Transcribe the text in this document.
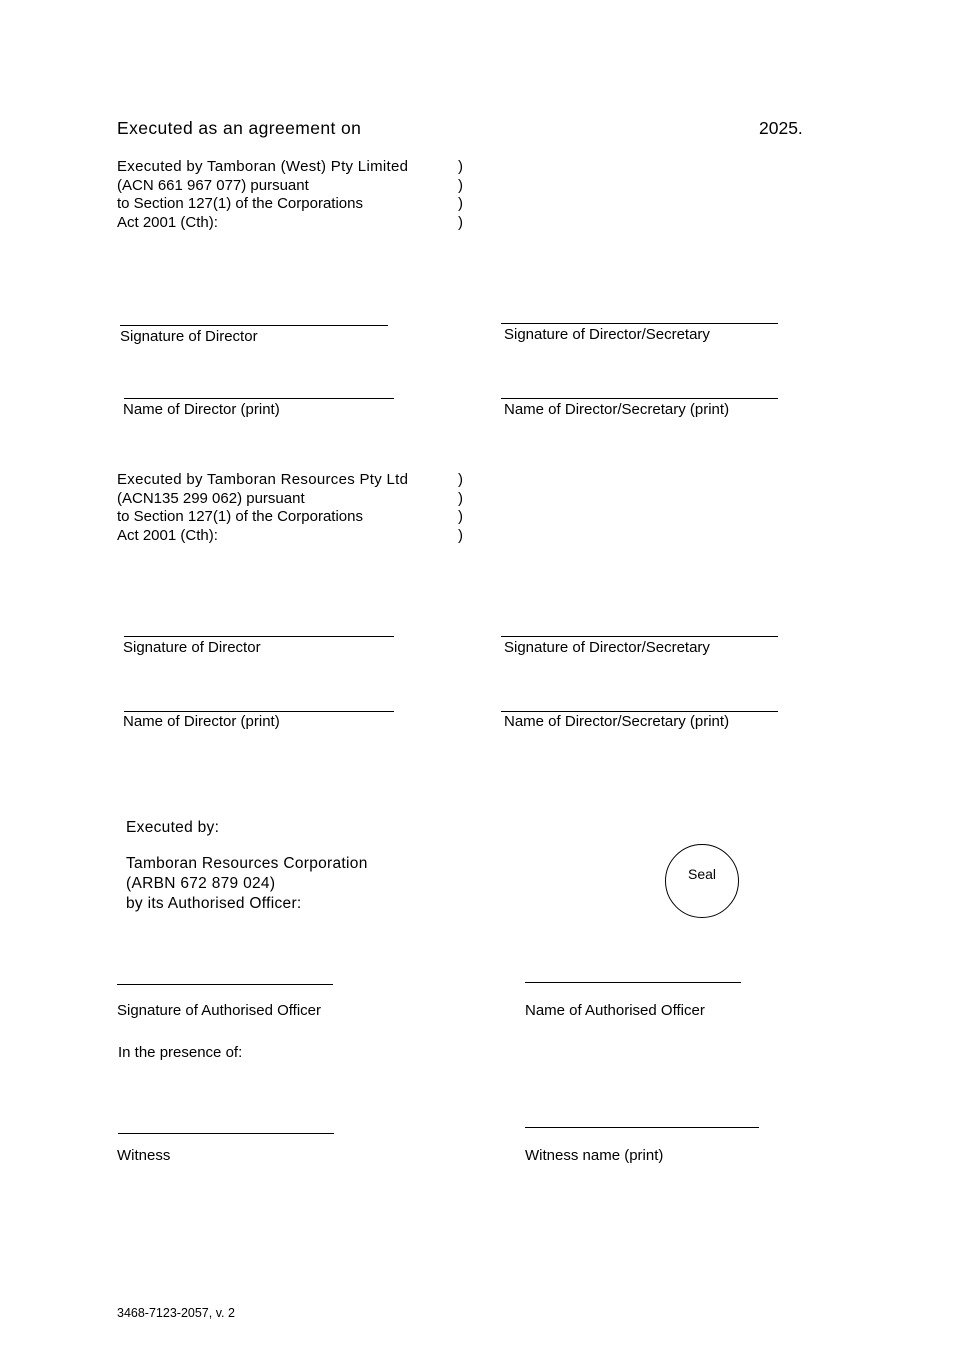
Executed as an agreement on	2025.
Executed by Tamboran (West) Pty Limited
(ACN 661 967 077) pursuant
to Section 127(1) of the Corporations
Act 2001 (Cth):
)
)
)
)
Signature of Director	Signature of Director/Secretary
Name of Director (print)	Name of Director/Secretary (print)
Executed by Tamboran Resources Pty Ltd
(ACN135 299 062) pursuant
to Section 127(1) of the Corporations
Act 2001 (Cth):
)
)
)
)
Signature of Director	Signature of Director/Secretary
Name of Director (print)	Name of Director/Secretary (print)
Executed by:
Tamboran Resources Corporation
(ARBN 672 879 024)
by its Authorised Officer:
Seal
Signature of Authorised Officer	Name of Authorised Officer
In the presence of:
Witness	Witness name (print)
3468-7123-2057, v. 2
